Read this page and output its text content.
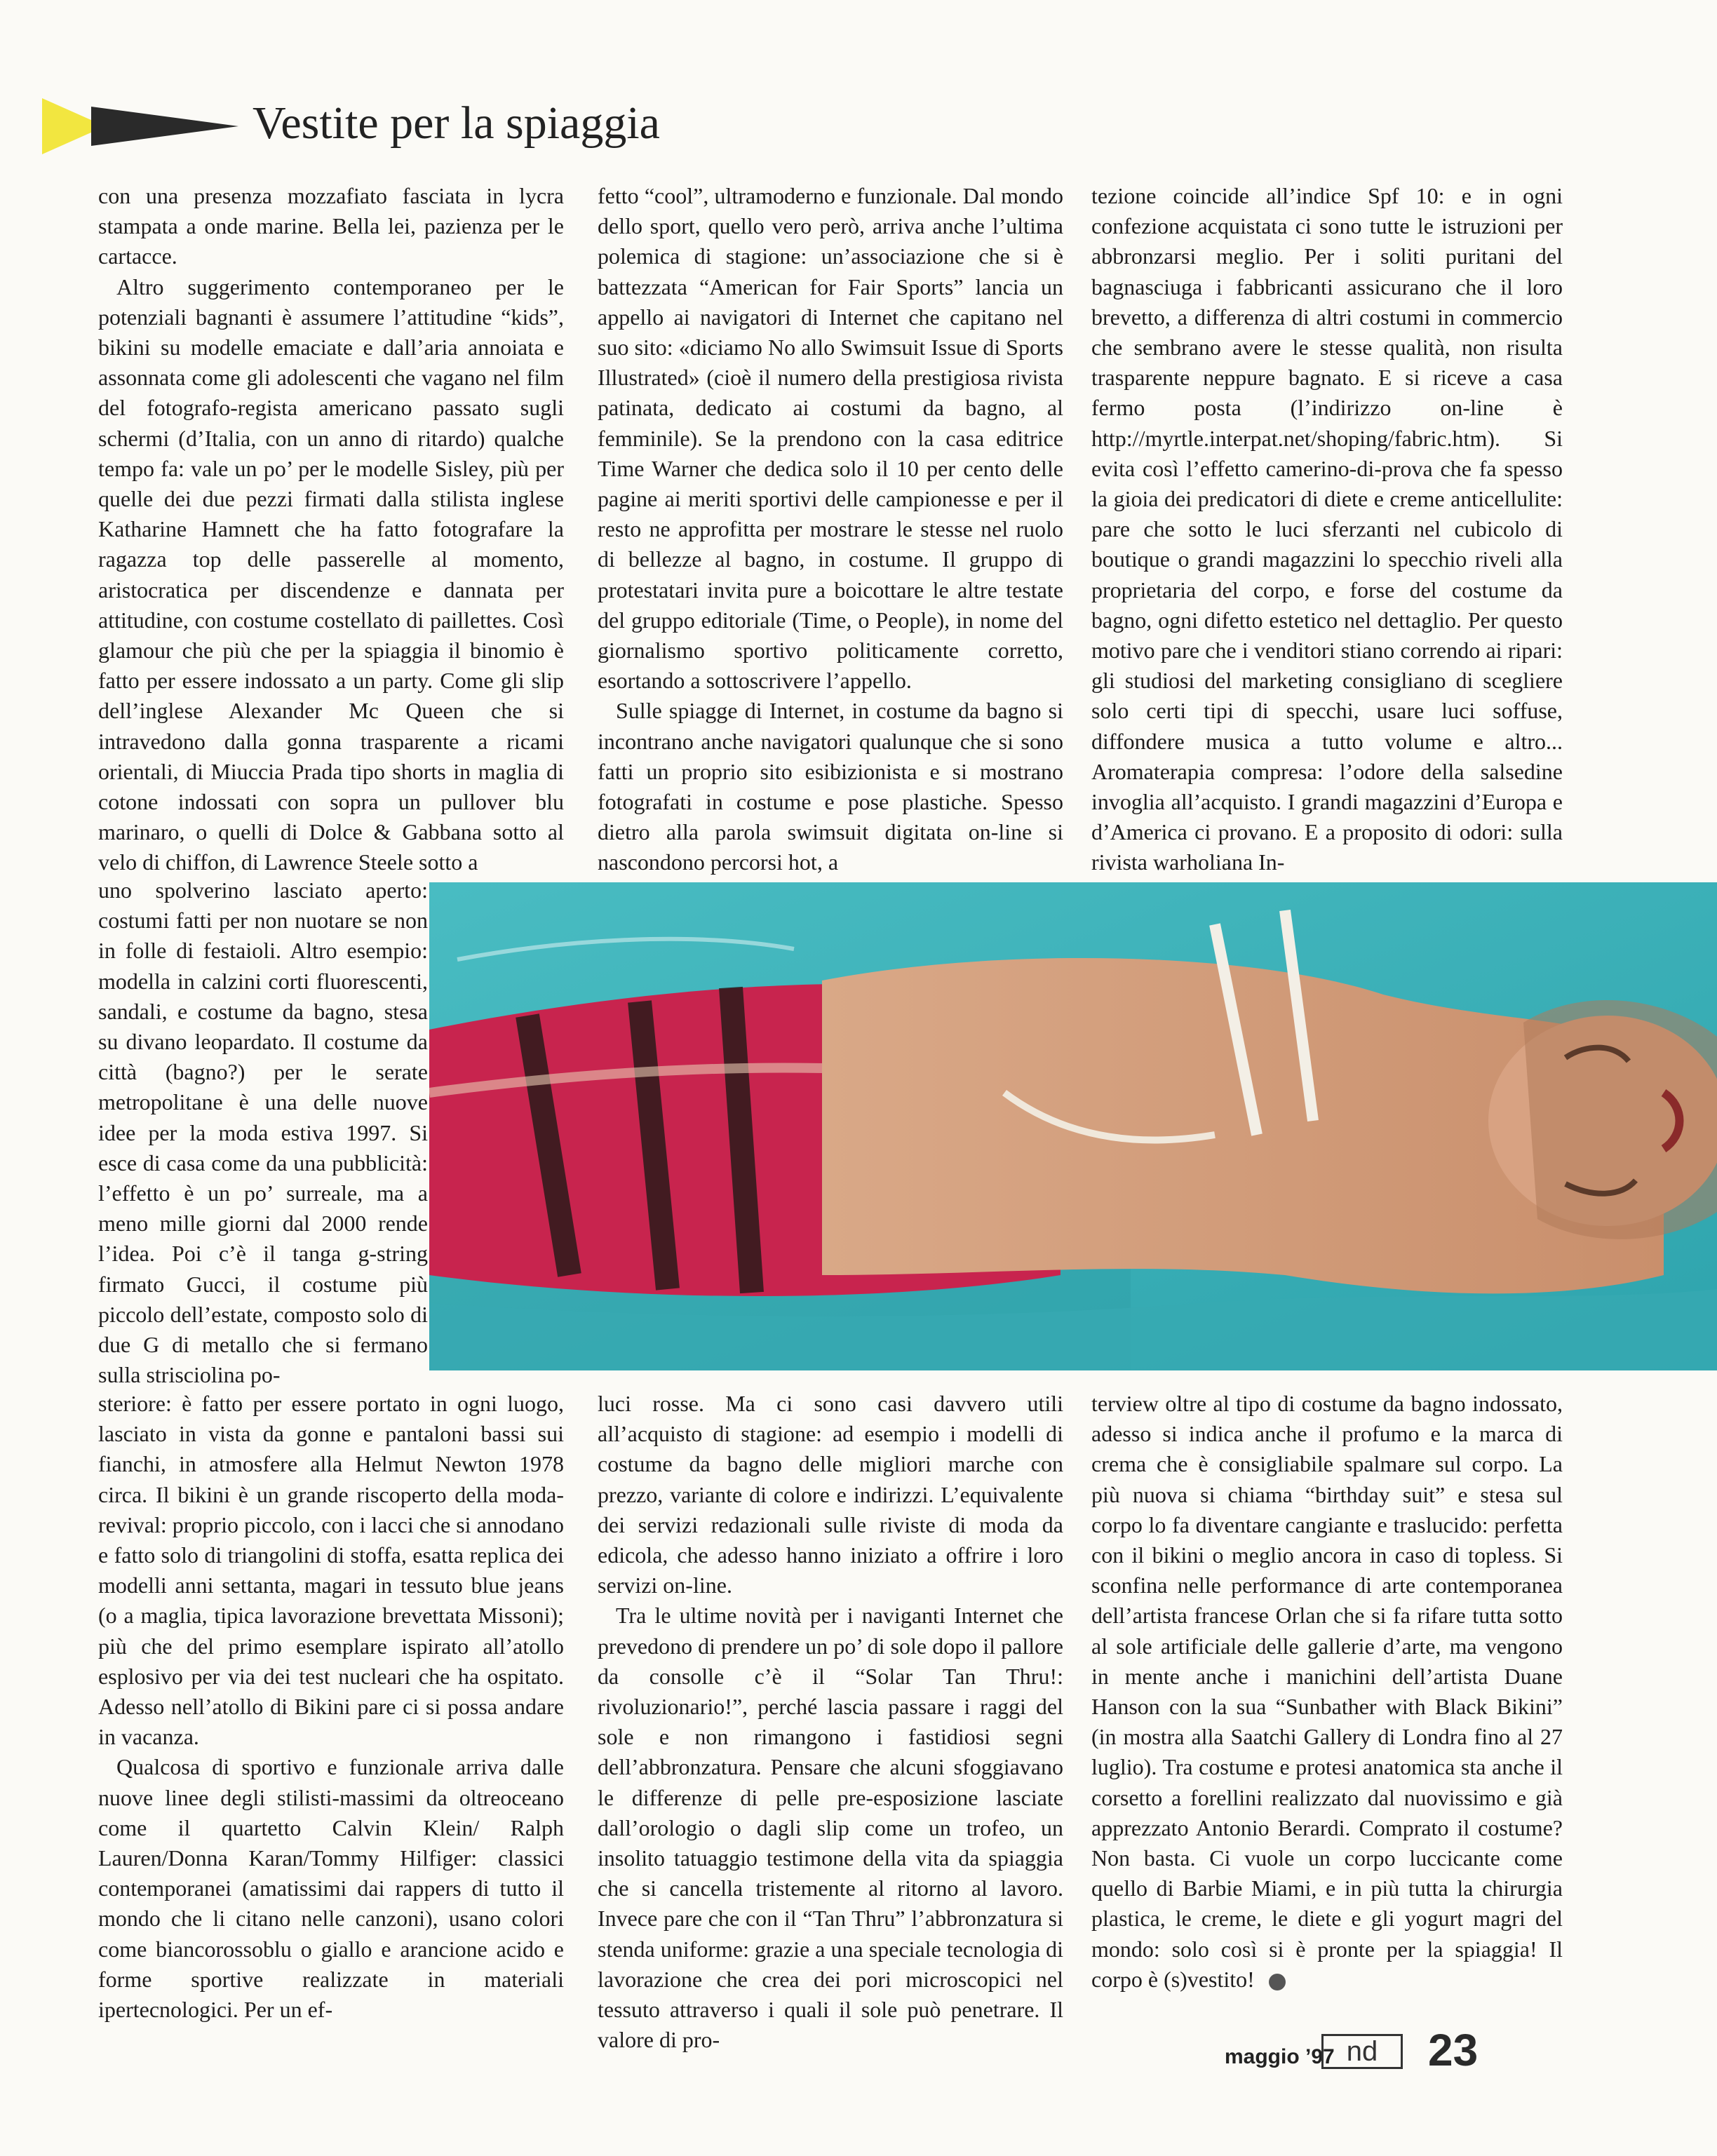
Vestite per la spiaggia

con una presenza mozzafiato fasciata in lycra stampata a onde marine. Bella lei, pazienza per le cartacce.

Altro suggerimento contemporaneo per le potenziali bagnanti è assumere l’attitudine “kids”, bikini su modelle emaciate e dall’aria annoiata e assonnata come gli adolescenti che vagano nel film del fotografo-regista americano passato sugli schermi (d’Italia, con un anno di ritardo) qualche tempo fa: vale un po’ per le modelle Sisley, più per quelle dei due pezzi firmati dalla stilista inglese Katharine Hamnett che ha fatto fotografare la ragazza top delle passerelle al momento, aristocratica per discendenze e dannata per attitudine, con costume costellato di paillettes. Così glamour che più che per la spiaggia il binomio è fatto per essere indossato a un party. Come gli slip dell’inglese Alexander Mc Queen che si intravedono dalla gonna trasparente a ricami orientali, di Miuccia Prada tipo shorts in maglia di cotone indossati con sopra un pullover blu marinaro, o quelli di Dolce & Gabbana sotto al velo di chiffon, di Lawrence Steele sotto a

fetto “cool”, ultramoderno e funzionale. Dal mondo dello sport, quello vero però, arriva anche l’ultima polemica di stagione: un’associazione che si è battezzata “American for Fair Sports” lancia un appello ai navigatori di Internet che capitano nel suo sito: «diciamo No allo Swimsuit Issue di Sports Illustrated» (cioè il numero della prestigiosa rivista patinata, dedicato ai costumi da bagno, al femminile). Se la prendono con la casa editrice Time Warner che dedica solo il 10 per cento delle pagine ai meriti sportivi delle campionesse e per il resto ne approfitta per mostrare le stesse nel ruolo di bellezze al bagno, in costume. Il gruppo di protestatari invita pure a boicottare le altre testate del gruppo editoriale (Time, o People), in nome del giornalismo sportivo politicamente corretto, esortando a sottoscrivere l’appello.

Sulle spiagge di Internet, in costume da bagno si incontrano anche navigatori qualunque che si sono fatti un proprio sito esibizionista e si mostrano fotografati in costume e pose plastiche. Spesso dietro alla parola swimsuit digitata on-line si nascondono percorsi hot, a

tezione coincide all’indice Spf 10: e in ogni confezione acquistata ci sono tutte le istruzioni per abbronzarsi meglio. Per i soliti puritani del bagnasciuga i fabbricanti assicurano che il loro brevetto, a differenza di altri costumi in commercio che sembrano avere le stesse qualità, non risulta trasparente neppure bagnato. E si riceve a casa fermo posta (l’indirizzo on-line è http://myrtle.interpat.net/shoping/fabric.htm). Si evita così l’effetto camerino-di-prova che fa spesso la gioia dei predicatori di diete e creme anticellulite: pare che sotto le luci sferzanti nel cubicolo di boutique o grandi magazzini lo specchio riveli alla proprietaria del corpo, e forse del costume da bagno, ogni difetto estetico nel dettaglio. Per questo motivo pare che i venditori stiano correndo ai ripari: gli studiosi del marketing consigliano di scegliere solo certi tipi di specchi, usare luci soffuse, diffondere musica a tutto volume e altro... Aromaterapia compresa: l’odore della salsedine invoglia all’acquisto. I grandi magazzini d’Europa e d’America ci provano. E a proposito di odori: sulla rivista warholiana In-

uno spolverino lasciato aperto: costumi fatti per non nuotare se non in folle di festaioli. Altro esempio: modella in calzini corti fluorescenti, sandali, e costume da bagno, stesa su divano leopardato. Il costume da città (bagno?) per le serate metropolitane è una delle nuove idee per la moda estiva 1997. Si esce di casa come da una pubblicità: l’effetto è un po’ surreale, ma a meno mille giorni dal 2000 rende l’idea. Poi c’è il tanga g-string firmato Gucci, il costume più piccolo dell’estate, composto solo di due G di metallo che si fermano sulla strisciolina po-

steriore: è fatto per essere portato in ogni luogo, lasciato in vista da gonne e pantaloni bassi sui fianchi, in atmosfere alla Helmut Newton 1978 circa. Il bikini è un grande riscoperto della moda-revival: proprio piccolo, con i lacci che si annodano e fatto solo di triangolini di stoffa, esatta replica dei modelli anni settanta, magari in tessuto blue jeans (o a maglia, tipica lavorazione brevettata Missoni); più che del primo esemplare ispirato all’atollo esplosivo per via dei test nucleari che ha ospitato. Adesso nell’atollo di Bikini pare ci si possa andare in vacanza.

Qualcosa di sportivo e funzionale arriva dalle nuove linee degli stilisti-massimi da oltreoceano come il quartetto Calvin Klein/ Ralph Lauren/Donna Karan/Tommy Hilfiger: classici contemporanei (amatissimi dai rappers di tutto il mondo che li citano nelle canzoni), usano colori come biancorossoblu o giallo e arancione acido e forme sportive realizzate in materiali ipertecnologici. Per un ef-

luci rosse. Ma ci sono casi davvero utili all’acquisto di stagione: ad esempio i modelli di costume da bagno delle migliori marche con prezzo, variante di colore e indirizzi. L’equivalente dei servizi redazionali sulle riviste di moda da edicola, che adesso hanno iniziato a offrire i loro servizi on-line.

Tra le ultime novità per i naviganti Internet che prevedono di prendere un po’ di sole dopo il pallore da consolle c’è il “Solar Tan Thru!: rivoluzionario!”, perché lascia passare i raggi del sole e non rimangono i fastidiosi segni dell’abbronzatura. Pensare che alcuni sfoggiavano le differenze di pelle pre-esposizione lasciate dall’orologio o dagli slip come un trofeo, un insolito tatuaggio testimone della vita da spiaggia che si cancella tristemente al ritorno al lavoro. Invece pare che con il “Tan Thru” l’abbronzatura si stenda uniforme: grazie a una speciale tecnologia di lavorazione che crea dei pori microscopici nel tessuto attraverso i quali il sole può penetrare. Il valore di pro-

terview oltre al tipo di costume da bagno indossato, adesso si indica anche il profumo e la marca di crema che è consigliabile spalmare sul corpo. La più nuova si chiama “birthday suit” e stesa sul corpo lo fa diventare cangiante e traslucido: perfetta con il bikini o meglio ancora in caso di topless. Si sconfina nelle performance di arte contemporanea dell’artista francese Orlan che si fa rifare tutta sotto al sole artificiale delle gallerie d’arte, ma vengono in mente anche i manichini dell’artista Duane Hanson con la sua “Sunbather with Black Bikini” (in mostra alla Saatchi Gallery di Londra fino al 27 luglio). Tra costume e protesi anatomica sta anche il corsetto a forellini realizzato dal nuovissimo e già apprezzato Antonio Berardi. Comprato il costume? Non basta. Ci vuole un corpo luccicante come quello di Barbie Miami, e in più tutta la chirurgia plastica, le creme, le diete e gli yogurt magri del mondo: solo così si è pronte per la spiaggia! Il corpo è (s)vestito!

maggio ’97 nd	23
